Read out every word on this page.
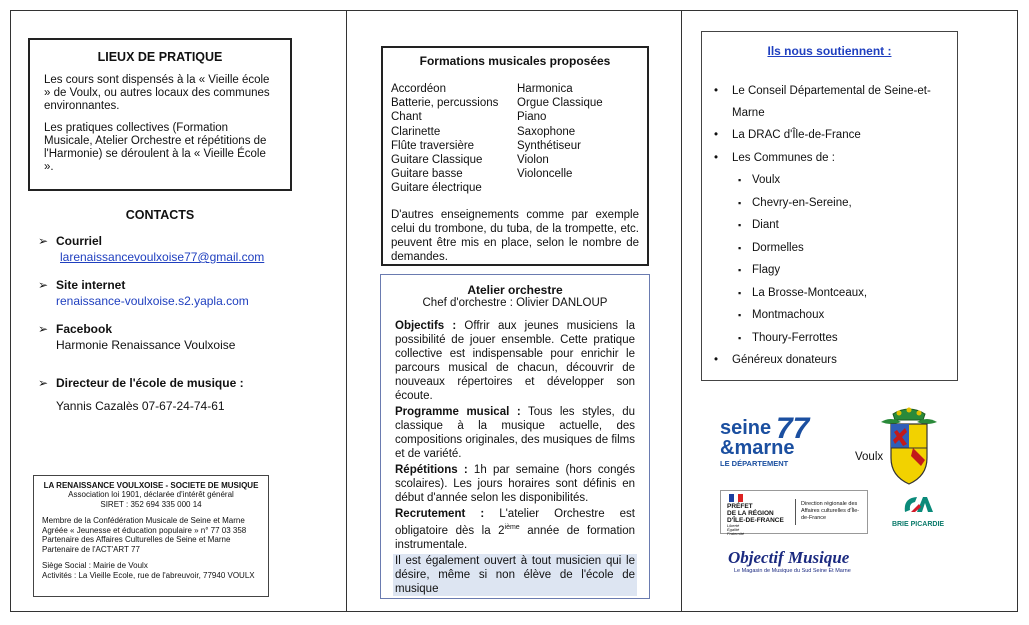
LIEUX DE PRATIQUE

Les cours sont dispensés à la « Vieille école » de Voulx, ou autres locaux des communes environnantes.

Les pratiques collectives (Formation Musicale, Atelier Orchestre et répétitions de l'Harmonie) se déroulent à la « Vieille École ».

CONTACTS
➢ Courriel
larenaissancevoulxoise77@gmail.com
➢ Site internet
renaissance-voulxoise.s2.yapla.com
➢ Facebook
Harmonie Renaissance Voulxoise
➢ Directeur de l'école de musique :
Yannis Cazalès 07-67-24-74-61
LA RENAISSANCE VOULXOISE - SOCIETE DE MUSIQUE
Association loi 1901, déclarée d'intérêt général
SIRET : 352 694 335 000 14
Membre de la Confédération Musicale de Seine et Marne
Agréée « Jeunesse et éducation populaire » n° 77 03 358
Partenaire des Affaires Culturelles de Seine et Marne
Partenaire de l'ACT'ART 77
Siège Social : Mairie de Voulx
Activités : La Vieille Ecole, rue de l'abreuvoir, 77940 VOULX
Formations musicales proposées
Accordéon
Batterie, percussions
Chant
Clarinette
Flûte traversière
Guitare Classique
Guitare basse
Guitare électrique
Harmonica
Orgue Classique
Piano
Saxophone
Synthétiseur
Violon
Violoncelle

D'autres enseignements comme par exemple celui du trombone, du tuba, de la trompette, etc. peuvent être mis en place, selon le nombre de demandes.

Atelier orchestre
Chef d'orchestre : Olivier DANLOUP

Objectifs : Offrir aux jeunes musiciens la possibilité de jouer ensemble. Cette pratique collective est indispensable pour enrichir le parcours musical de chacun, découvrir de nouveaux répertoires et développer son écoute.

Programme musical : Tous les styles, du classique à la musique actuelle, des compositions originales, des musiques de films et de variété.

Répétitions : 1h par semaine (hors congés scolaires). Les jours horaires sont définis en début d'année selon les disponibilités.

Recrutement : L'atelier Orchestre est obligatoire dès la 2ième année de formation instrumentale.

Il est également ouvert à tout musicien qui le désire, même si non élève de l'école de musique

Ils nous soutiennent :
• Le Conseil Départemental de Seine-et-Marne
• La DRAC d'Île-de-France
• Les Communes de :
▪ Voulx
▪ Chevry-en-Sereine,
▪ Diant
▪ Dormelles
▪ Flagy
▪ La Brosse-Montceaux,
▪ Montmachoux
▪ Thoury-Ferrottes
• Généreux donateurs
seine
&marne
77
LE DÉPARTEMENT
Voulx
PRÉFET
DE LA RÉGION
D'ÎLE-DE-FRANCE
Liberté
Égalité
Fraternité
Direction régionale des Affaires culturelles d'Île-de-France
BRIE PICARDIE
Objectif Musique
Le Magasin de Musique du Sud Seine Et Marne
